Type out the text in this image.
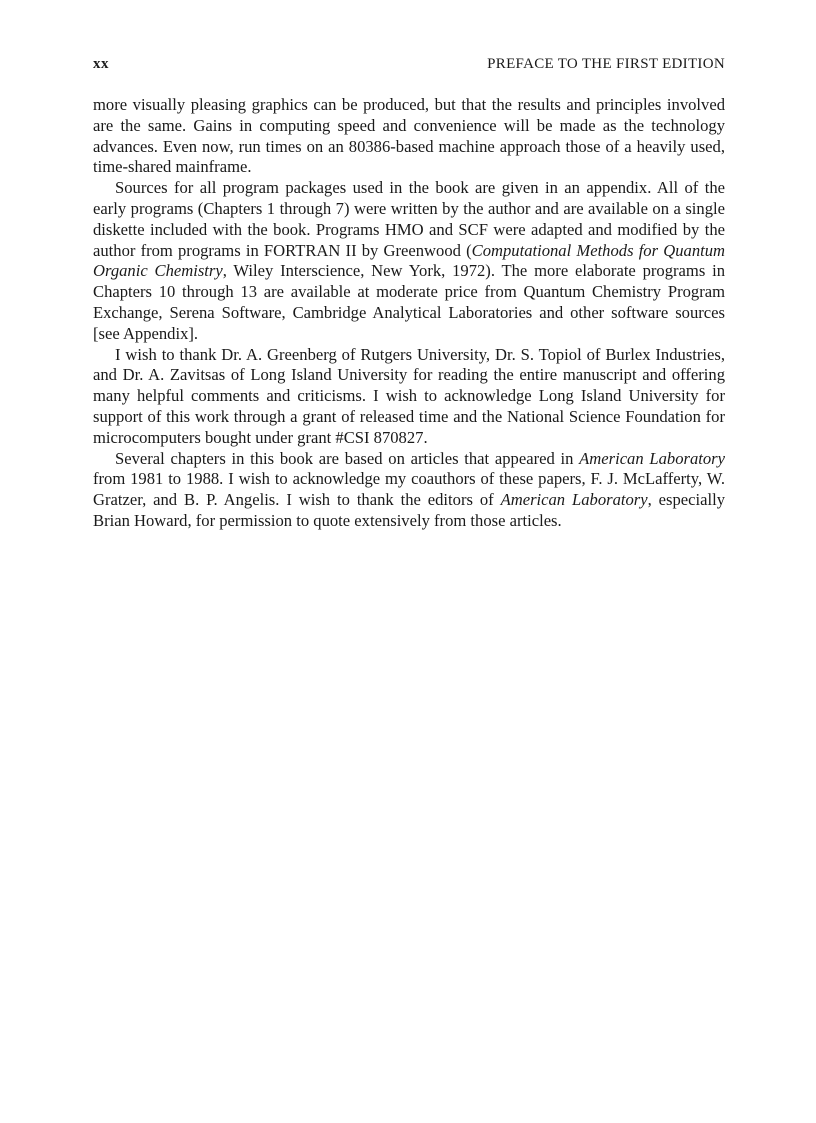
xx	PREFACE TO THE FIRST EDITION

more visually pleasing graphics can be produced, but that the results and principles involved are the same. Gains in computing speed and convenience will be made as the technology advances. Even now, run times on an 80386-based machine approach those of a heavily used, time-shared mainframe.

Sources for all program packages used in the book are given in an appendix. All of the early programs (Chapters 1 through 7) were written by the author and are available on a single diskette included with the book. Programs HMO and SCF were adapted and modified by the author from programs in FORTRAN II by Greenwood (Computational Methods for Quantum Organic Chemistry, Wiley Interscience, New York, 1972). The more elaborate programs in Chapters 10 through 13 are available at moderate price from Quantum Chemistry Program Exchange, Serena Software, Cambridge Analytical Laboratories and other software sources [see Appendix].

I wish to thank Dr. A. Greenberg of Rutgers University, Dr. S. Topiol of Burlex Industries, and Dr. A. Zavitsas of Long Island University for reading the entire manuscript and offering many helpful comments and criticisms. I wish to acknowledge Long Island University for support of this work through a grant of released time and the National Science Foundation for microcomputers bought under grant #CSI 870827.

Several chapters in this book are based on articles that appeared in American Laboratory from 1981 to 1988. I wish to acknowledge my coauthors of these papers, F. J. McLafferty, W. Gratzer, and B. P. Angelis. I wish to thank the editors of American Laboratory, especially Brian Howard, for permission to quote extensively from those articles.
